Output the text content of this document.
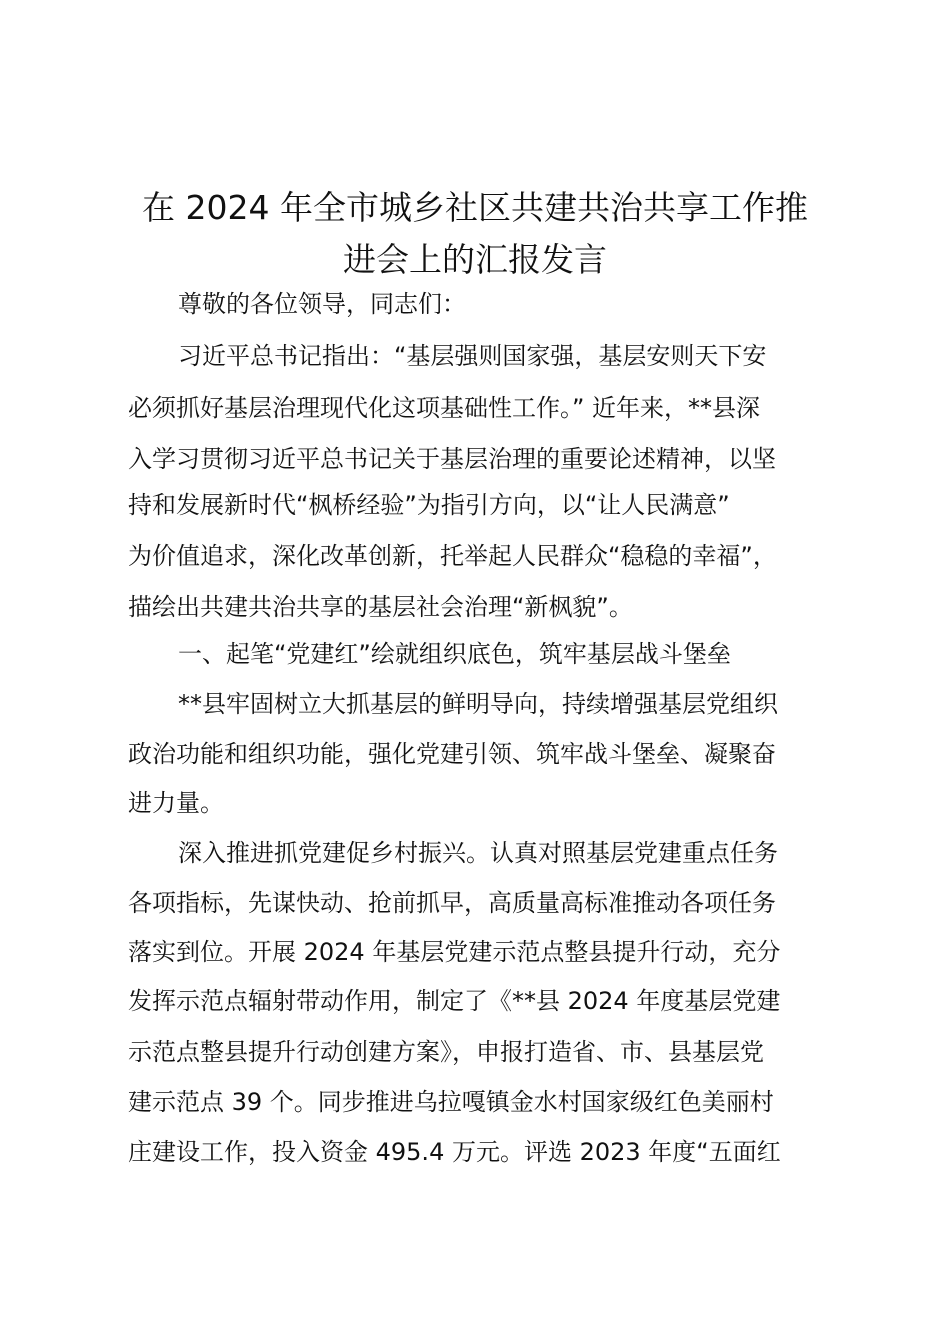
在 2024 年全市城乡社区共建共治共享工作推
进会上的汇报发言
尊敬的各位领导，同志们：
习近平总书记指出：“基层强则国家强，基层安则天下安
必须抓好基层治理现代化这项基础性工作。” 近年来，**县深
入学习贯彻习近平总书记关于基层治理的重要论述精神，以坚
持和发展新时代“枫桥经验”为指引方向，以“让人民满意”
为价值追求，深化改革创新，托举起人民群众“稳稳的幸福”，
描绘出共建共治共享的基层社会治理“新枫貌”。
一、起笔“党建红”绘就组织底色，筑牢基层战斗堡垒
**县牢固树立大抓基层的鲜明导向，持续增强基层党组织
政治功能和组织功能，强化党建引领、筑牢战斗堡垒、凝聚奋
进力量。
深入推进抓党建促乡村振兴。认真对照基层党建重点任务
各项指标，先谋快动、抢前抓早，高质量高标准推动各项任务
落实到位。开展 2024 年基层党建示范点整县提升行动，充分
发挥示范点辐射带动作用，制定了《**县 2024 年度基层党建
示范点整县提升行动创建方案》，申报打造省、市、县基层党
建示范点 39 个。同步推进乌拉嘎镇金水村国家级红色美丽村
庄建设工作，投入资金 495.4 万元。评选 2023 年度“五面红
